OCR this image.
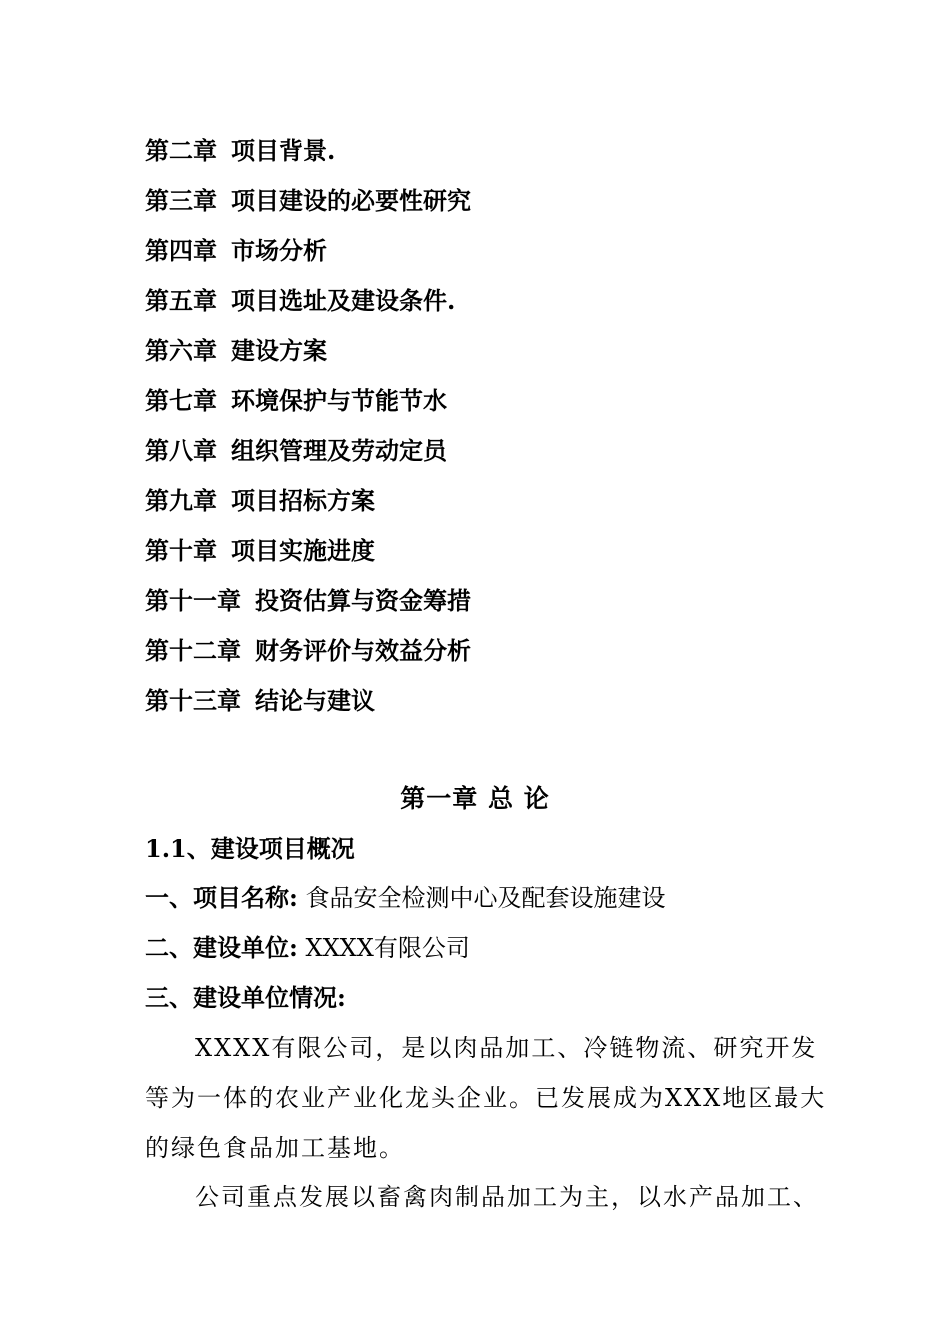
第二章 项目背景.
第三章 项目建设的必要性研究
第四章 市场分析
第五章 项目选址及建设条件.
第六章 建设方案
第七章 环境保护与节能节水
第八章 组织管理及劳动定员
第九章 项目招标方案
第十章 项目实施进度
第十一章 投资估算与资金筹措
第十二章 财务评价与效益分析
第十三章 结论与建议
第一章 总 论
1.1、建设项目概况
一、项目名称: 食品安全检测中心及配套设施建设
二、建设单位: XXXX有限公司
三、建设单位情况:
XXXX有限公司，是以肉品加工、冷链物流、研究开发
等为一体的农业产业化龙头企业。已发展成为XXX地区最大
的绿色食品加工基地。
公司重点发展以畜禽肉制品加工为主，以水产品加工、
